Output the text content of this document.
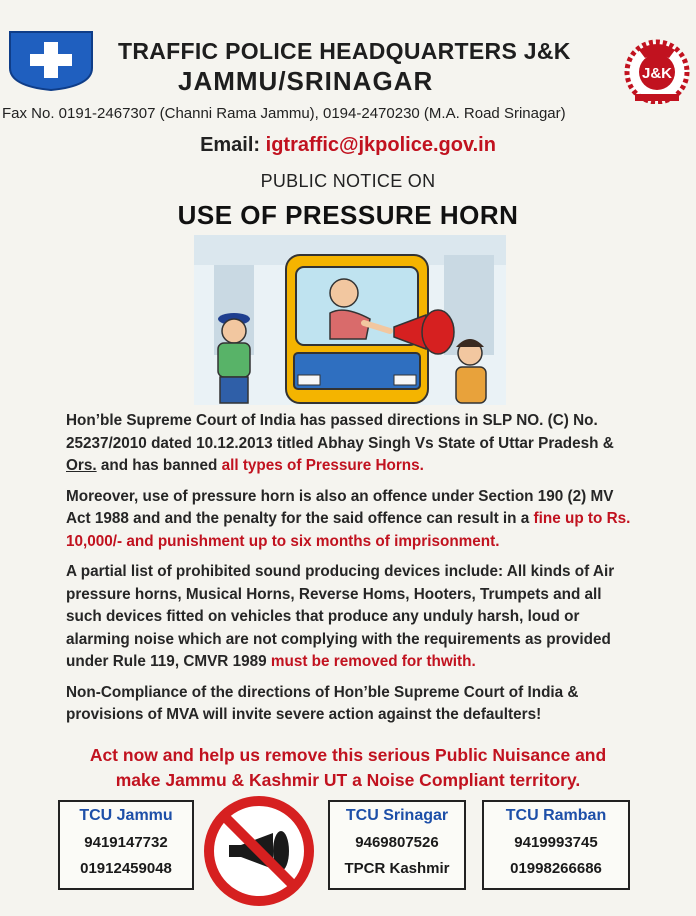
TRAFFIC POLICE HEADQUARTERS J&K
JAMMU/SRINAGAR	J&K
Fax No. 0191-2467307 (Channi Rama Jammu), 0194-2470230 (M.A. Road Srinagar)
Email: igtraffic@jkpolice.gov.in
PUBLIC NOTICE ON
USE OF PRESSURE HORN

Hon’ble Supreme Court of India has passed directions in SLP NO. (C) No. 25237/2010 dated 10.12.2013 titled Abhay Singh Vs State of Uttar Pradesh & Ors. and has banned all types of Pressure Horns.

Moreover, use of pressure horn is also an offence under Section 190 (2) MV Act 1988 and and the penalty for the said offence can result in a fine up to Rs. 10,000/- and punishment up to six months of imprisonment.

A partial list of prohibited sound producing devices include: All kinds of Air pressure horns, Musical Horns, Reverse Homs, Hooters, Trumpets and all such devices fitted on vehicles that produce any unduly harsh, loud or alarming noise which are not complying with the requirements as provided under Rule 119, CMVR 1989 must be removed for thwith.

Non-Compliance of the directions of Hon’ble Supreme Court of India & provisions of MVA will invite severe action against the defaulters!

Act now and help us remove this serious Public Nuisance and
make Jammu & Kashmir UT a Noise Compliant territory.
TCU Jammu
9419147732
01912459048
TCU Srinagar
9469807526
TPCR Kashmir
TCU Ramban
9419993745
01998266686
